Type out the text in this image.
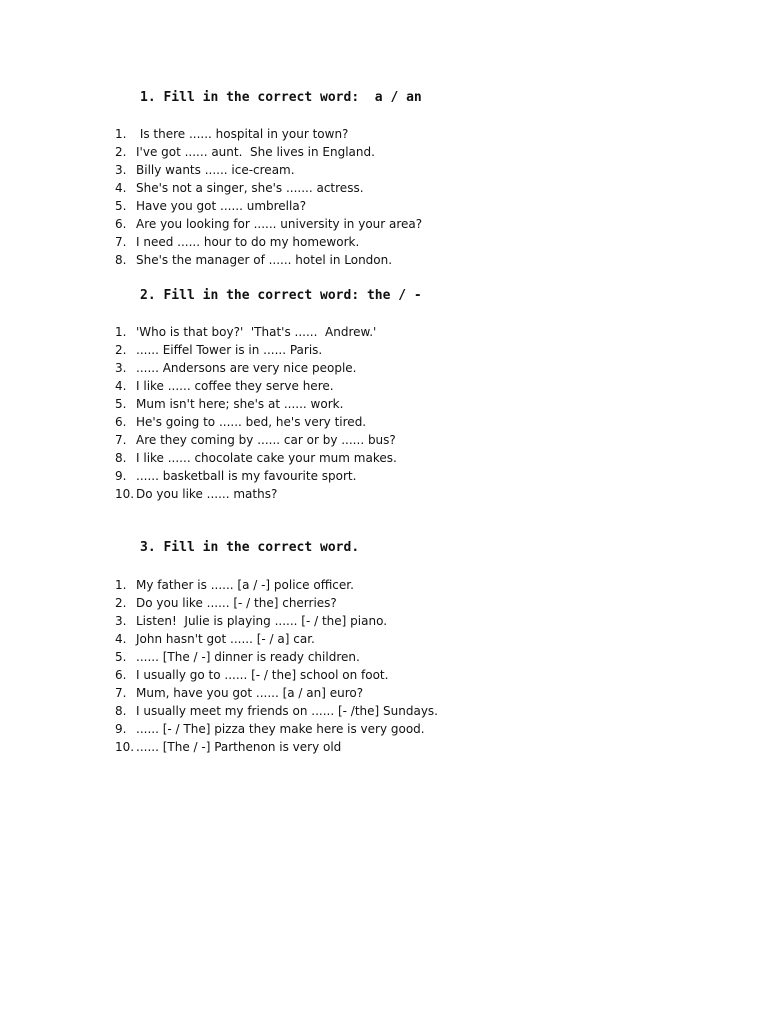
1. Fill in the correct word:  a / an
1. Is there ...... hospital in your town?
2. I've got ...... aunt.  She lives in England.
3. Billy wants ...... ice-cream.
4. She's not a singer, she's ....... actress.
5. Have you got ...... umbrella?
6. Are you looking for ...... university in your area?
7. I need ...... hour to do my homework.
8. She's the manager of ...... hotel in London.
2. Fill in the correct word: the / -
1. 'Who is that boy?'  'That's ......  Andrew.'
2. ...... Eiffel Tower is in ...... Paris.
3. ...... Andersons are very nice people.
4. I like ...... coffee they serve here.
5. Mum isn't here; she's at ...... work.
6. He's going to ...... bed, he's very tired.
7. Are they coming by ...... car or by ...... bus?
8. I like ...... chocolate cake your mum makes.
9. ...... basketball is my favourite sport.
10. Do you like ...... maths?
3. Fill in the correct word.
1. My father is ...... [a / -] police officer.
2. Do you like ...... [- / the] cherries?
3. Listen!  Julie is playing ...... [- / the] piano.
4. John hasn't got ...... [- / a] car.
5. ...... [The / -] dinner is ready children.
6. I usually go to ...... [- / the] school on foot.
7. Mum, have you got ...... [a / an] euro?
8. I usually meet my friends on ...... [- /the] Sundays.
9. ...... [- / The] pizza they make here is very good.
10. ...... [The / -] Parthenon is very old
